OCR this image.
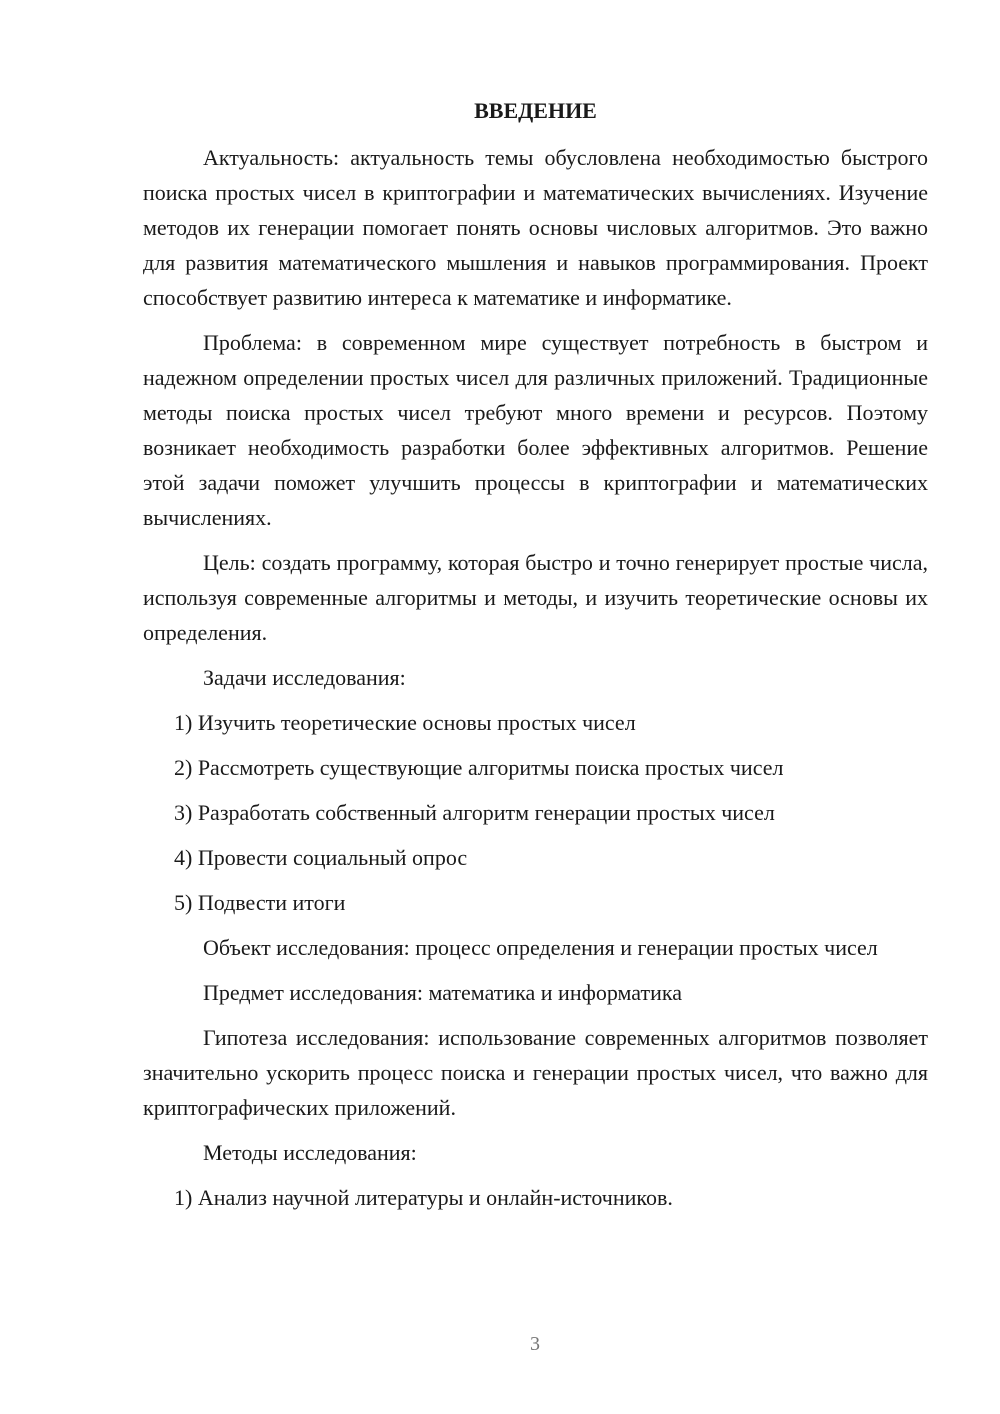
ВВЕДЕНИЕ

Актуальность: актуальность темы обусловлена необходимостью быстрого поиска простых чисел в криптографии и математических вычислениях. Изучение методов их генерации помогает понять основы числовых алгоритмов. Это важно для развития математического мышления и навыков программирования. Проект способствует развитию интереса к математике и информатике.

Проблема: в современном мире существует потребность в быстром и надежном определении простых чисел для различных приложений. Традиционные методы поиска простых чисел требуют много времени и ресурсов. Поэтому возникает необходимость разработки более эффективных алгоритмов. Решение этой задачи поможет улучшить процессы в криптографии и математических вычислениях.

Цель: создать программу, которая быстро и точно генерирует простые числа, используя современные алгоритмы и методы, и изучить теоретические основы их определения.

Задачи исследования:

1) Изучить теоретические основы простых чисел

2) Рассмотреть существующие алгоритмы поиска простых чисел

3) Разработать собственный алгоритм генерации простых чисел

4) Провести социальный опрос

5) Подвести итоги

Объект исследования: процесс определения и генерации простых чисел

Предмет исследования: математика и информатика

Гипотеза исследования: использование современных алгоритмов позволяет значительно ускорить процесс поиска и генерации простых чисел, что важно для криптографических приложений.

Методы исследования:

1) Анализ научной литературы и онлайн-источников.

3
